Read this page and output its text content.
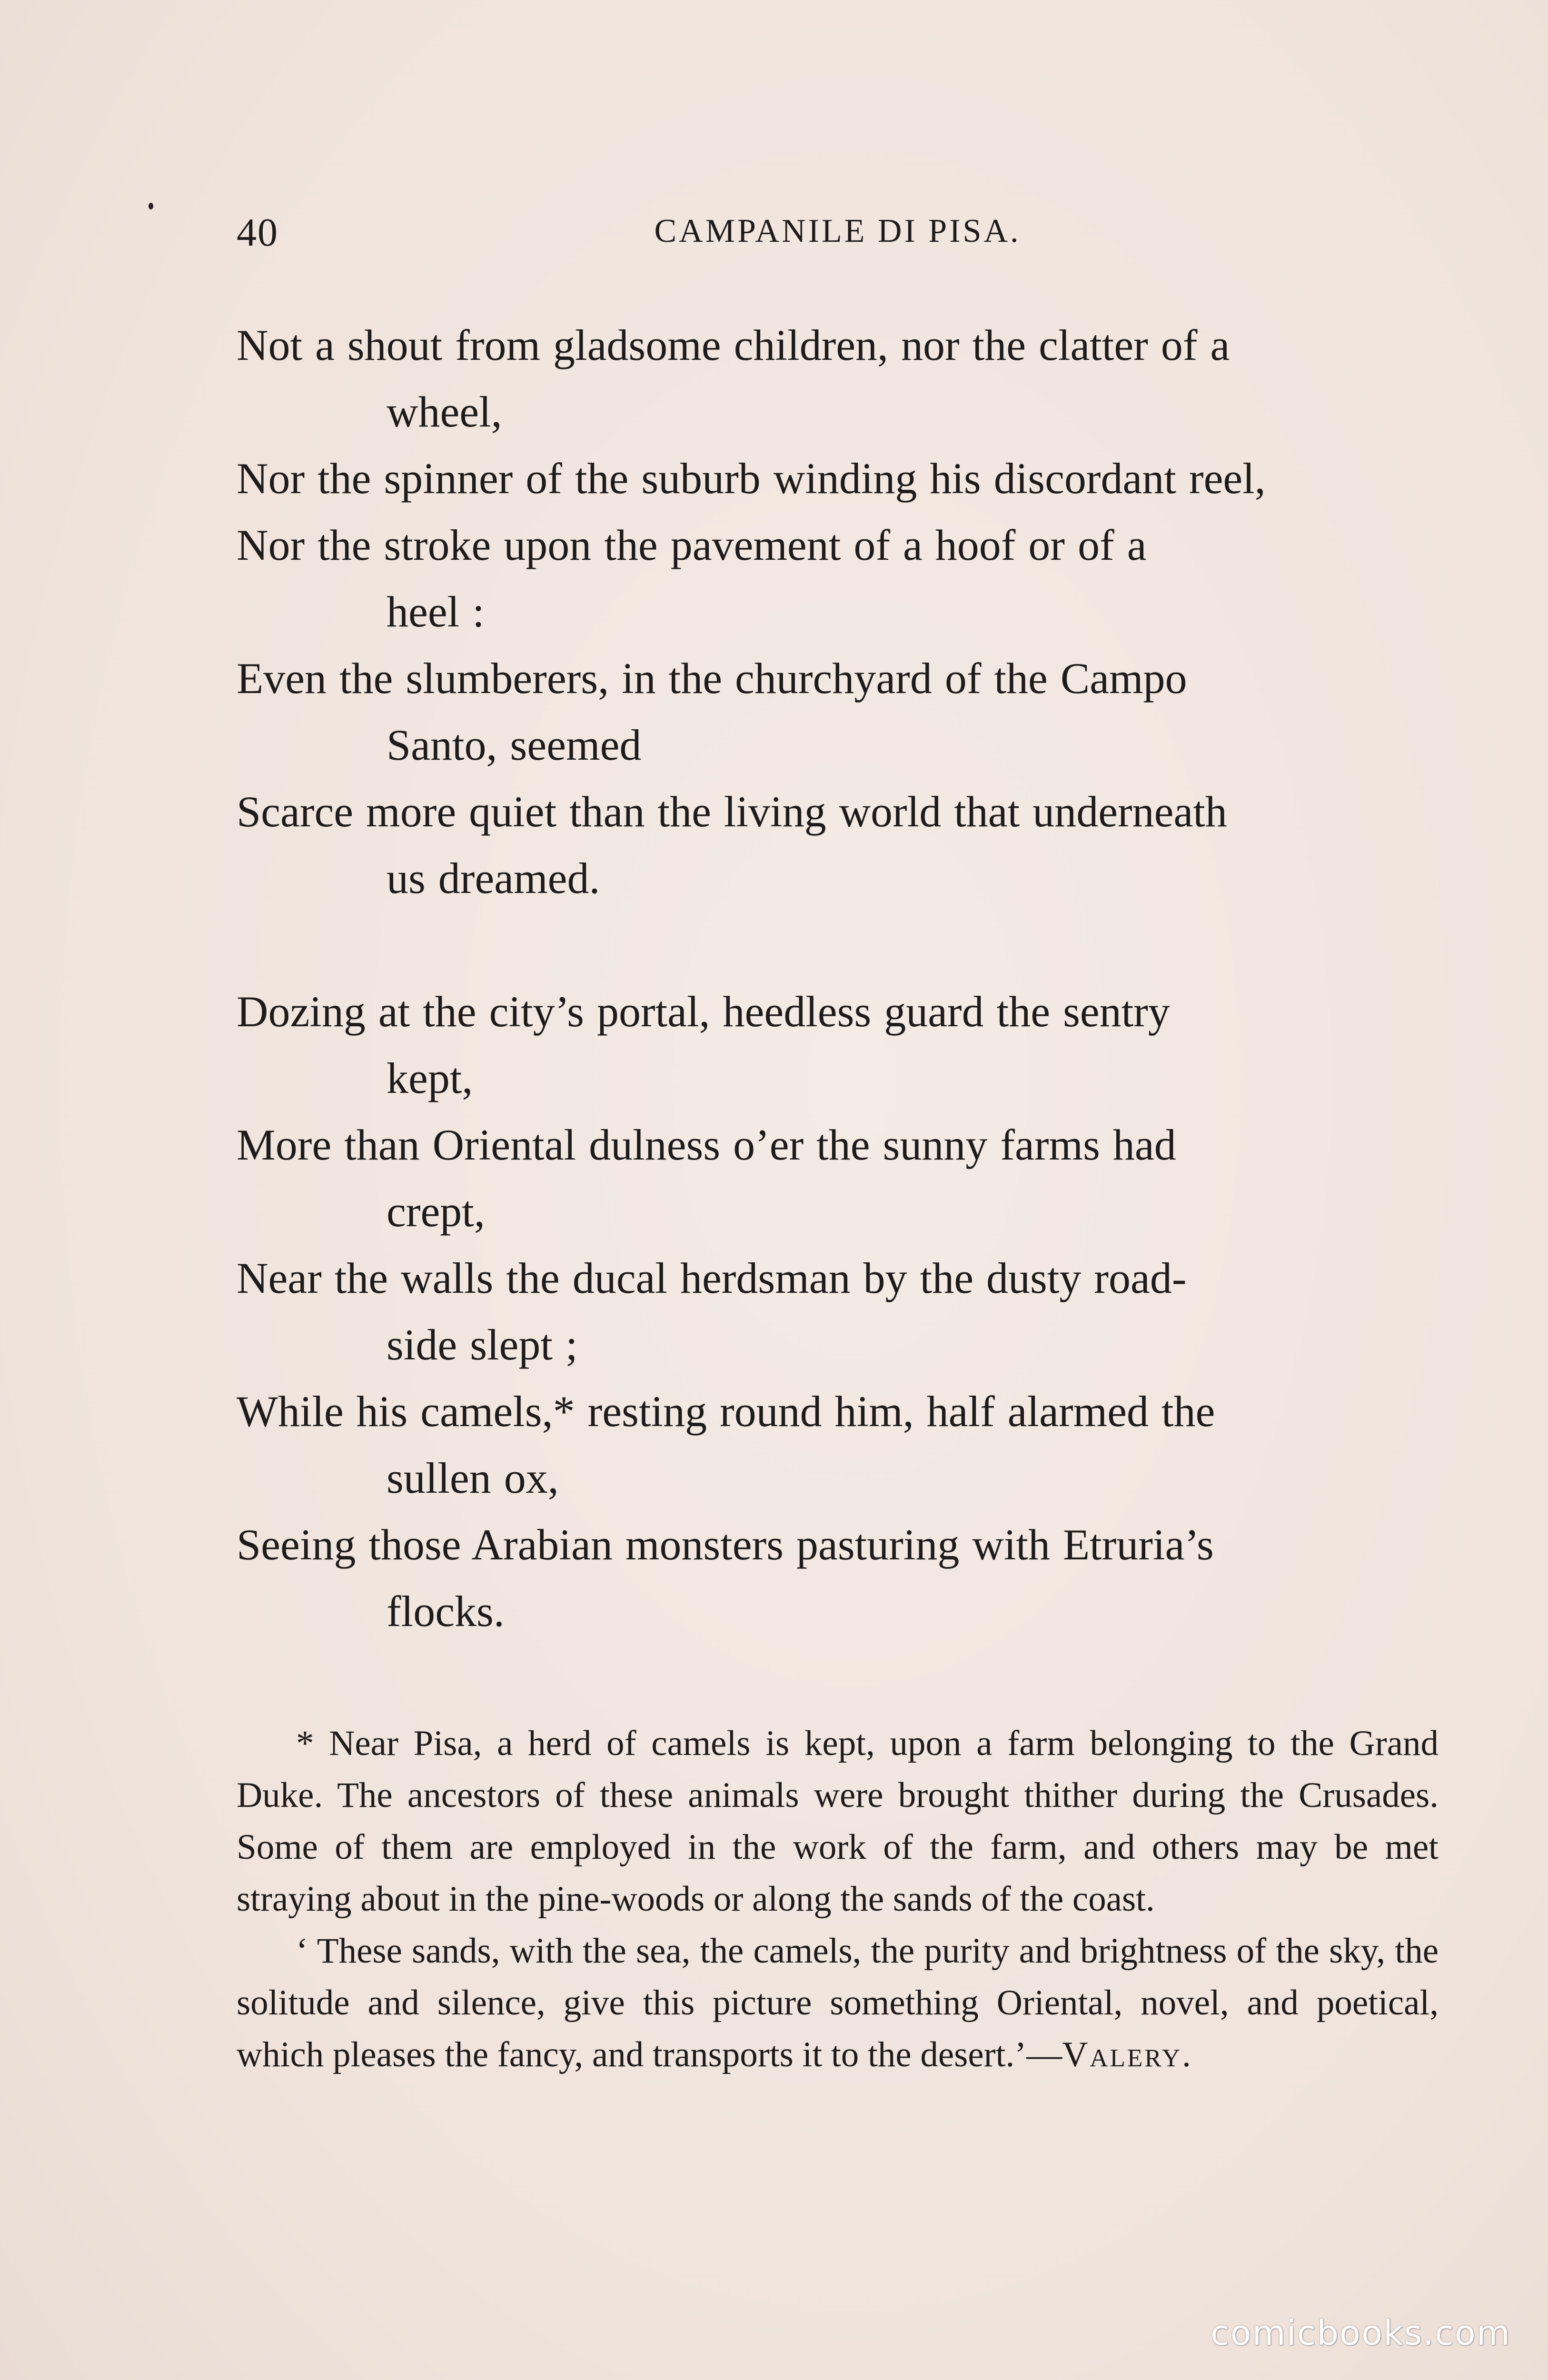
40	CAMPANILE DI PISA.
Not a shout from gladsome children, nor the clatter of a
wheel,
Nor the spinner of the suburb winding his discordant reel,
Nor the stroke upon the pavement of a hoof or of a
heel :
Even the slumberers, in the churchyard of the Campo
Santo, seemed
Scarce more quiet than the living world that underneath
us dreamed.
Dozing at the city’s portal, heedless guard the sentry
kept,
More than Oriental dulness o’er the sunny farms had
crept,
Near the walls the ducal herdsman by the dusty road-
side slept ;
While his camels,* resting round him, half alarmed the
sullen ox,
Seeing those Arabian monsters pasturing with Etruria’s
flocks.

* Near Pisa, a herd of camels is kept, upon a farm belonging to the Grand Duke. The ancestors of these animals were brought thither during the Crusades. Some of them are employed in the work of the farm, and others may be met straying about in the pine-woods or along the sands of the coast.

‘ These sands, with the sea, the camels, the purity and brightness of the sky, the solitude and silence, give this picture something Oriental, novel, and poetical, which pleases the fancy, and transports it to the desert.’—Valery.

comicbooks.com
